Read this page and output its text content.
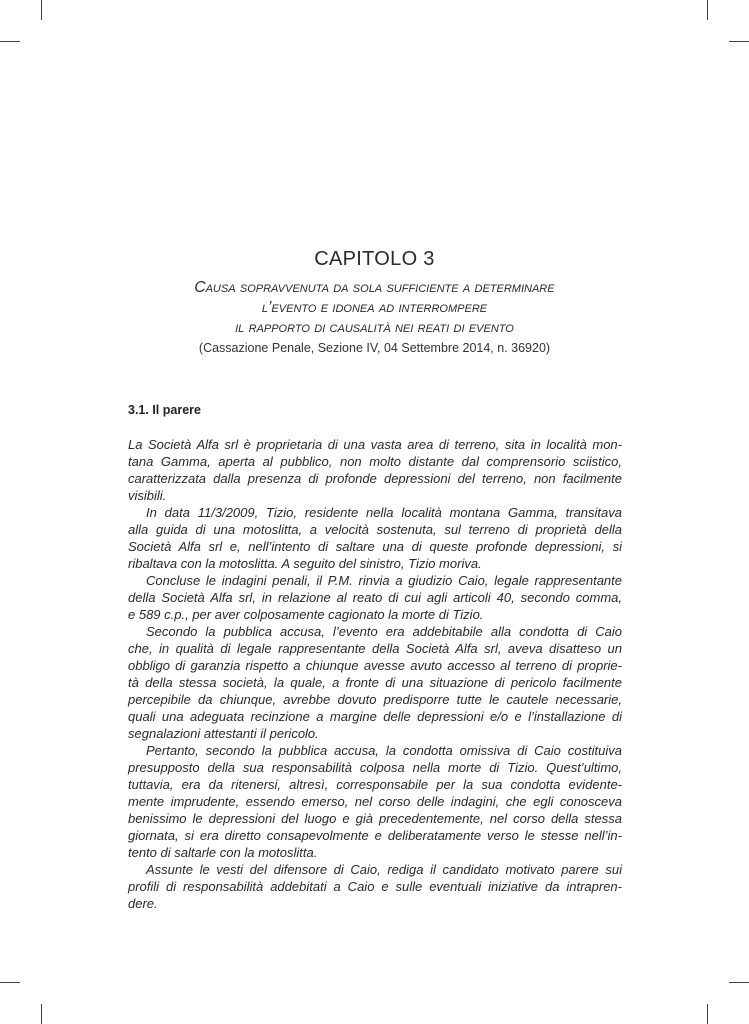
CAPITOLO 3
Causa sopravvenuta da sola sufficiente a determinare
l’evento e idonea ad interrompere
il rapporto di causalità nei reati di evento
(Cassazione Penale, Sezione IV, 04 Settembre 2014, n. 36920)
3.1. Il parere
La Società Alfa srl è proprietaria di una vasta area di terreno, sita in località mon-
tana Gamma, aperta al pubblico, non molto distante dal comprensorio sciistico,
caratterizzata dalla presenza di profonde depressioni del terreno, non facilmente
visibili.
In data 11/3/2009, Tizio, residente nella località montana Gamma, transitava
alla guida di una motoslitta, a velocità sostenuta, sul terreno di proprietà della
Società Alfa srl e, nell’intento di saltare una di queste profonde depressioni, si
ribaltava con la motoslitta. A seguito del sinistro, Tizio moriva.
Concluse le indagini penali, il P.M. rinvia a giudizio Caio, legale rappresentante
della Società Alfa srl, in relazione al reato di cui agli articoli 40, secondo comma,
e 589 c.p., per aver colposamente cagionato la morte di Tizio.
Secondo la pubblica accusa, l’evento era addebitabile alla condotta di Caio
che, in qualità di legale rappresentante della Società Alfa srl, aveva disatteso un
obbligo di garanzia rispetto a chiunque avesse avuto accesso al terreno di proprie-
tà della stessa società, la quale, a fronte di una situazione di pericolo facilmente
percepibile da chiunque, avrebbe dovuto predisporre tutte le cautele necessarie,
quali una adeguata recinzione a margine delle depressioni e/o e l’installazione di
segnalazioni attestanti il pericolo.
Pertanto, secondo la pubblica accusa, la condotta omissiva di Caio costituiva
presupposto della sua responsabilità colposa nella morte di Tizio. Quest’ultimo,
tuttavia, era da ritenersi, altresì, corresponsabile per la sua condotta evidente-
mente imprudente, essendo emerso, nel corso delle indagini, che egli conosceva
benissimo le depressioni del luogo e già precedentemente, nel corso della stessa
giornata, si era diretto consapevolmente e deliberatamente verso le stesse nell’in-
tento di saltarle con la motoslitta.
Assunte le vesti del difensore di Caio, rediga il candidato motivato parere sui
profili di responsabilità addebitati a Caio e sulle eventuali iniziative da intrapren-
dere.
